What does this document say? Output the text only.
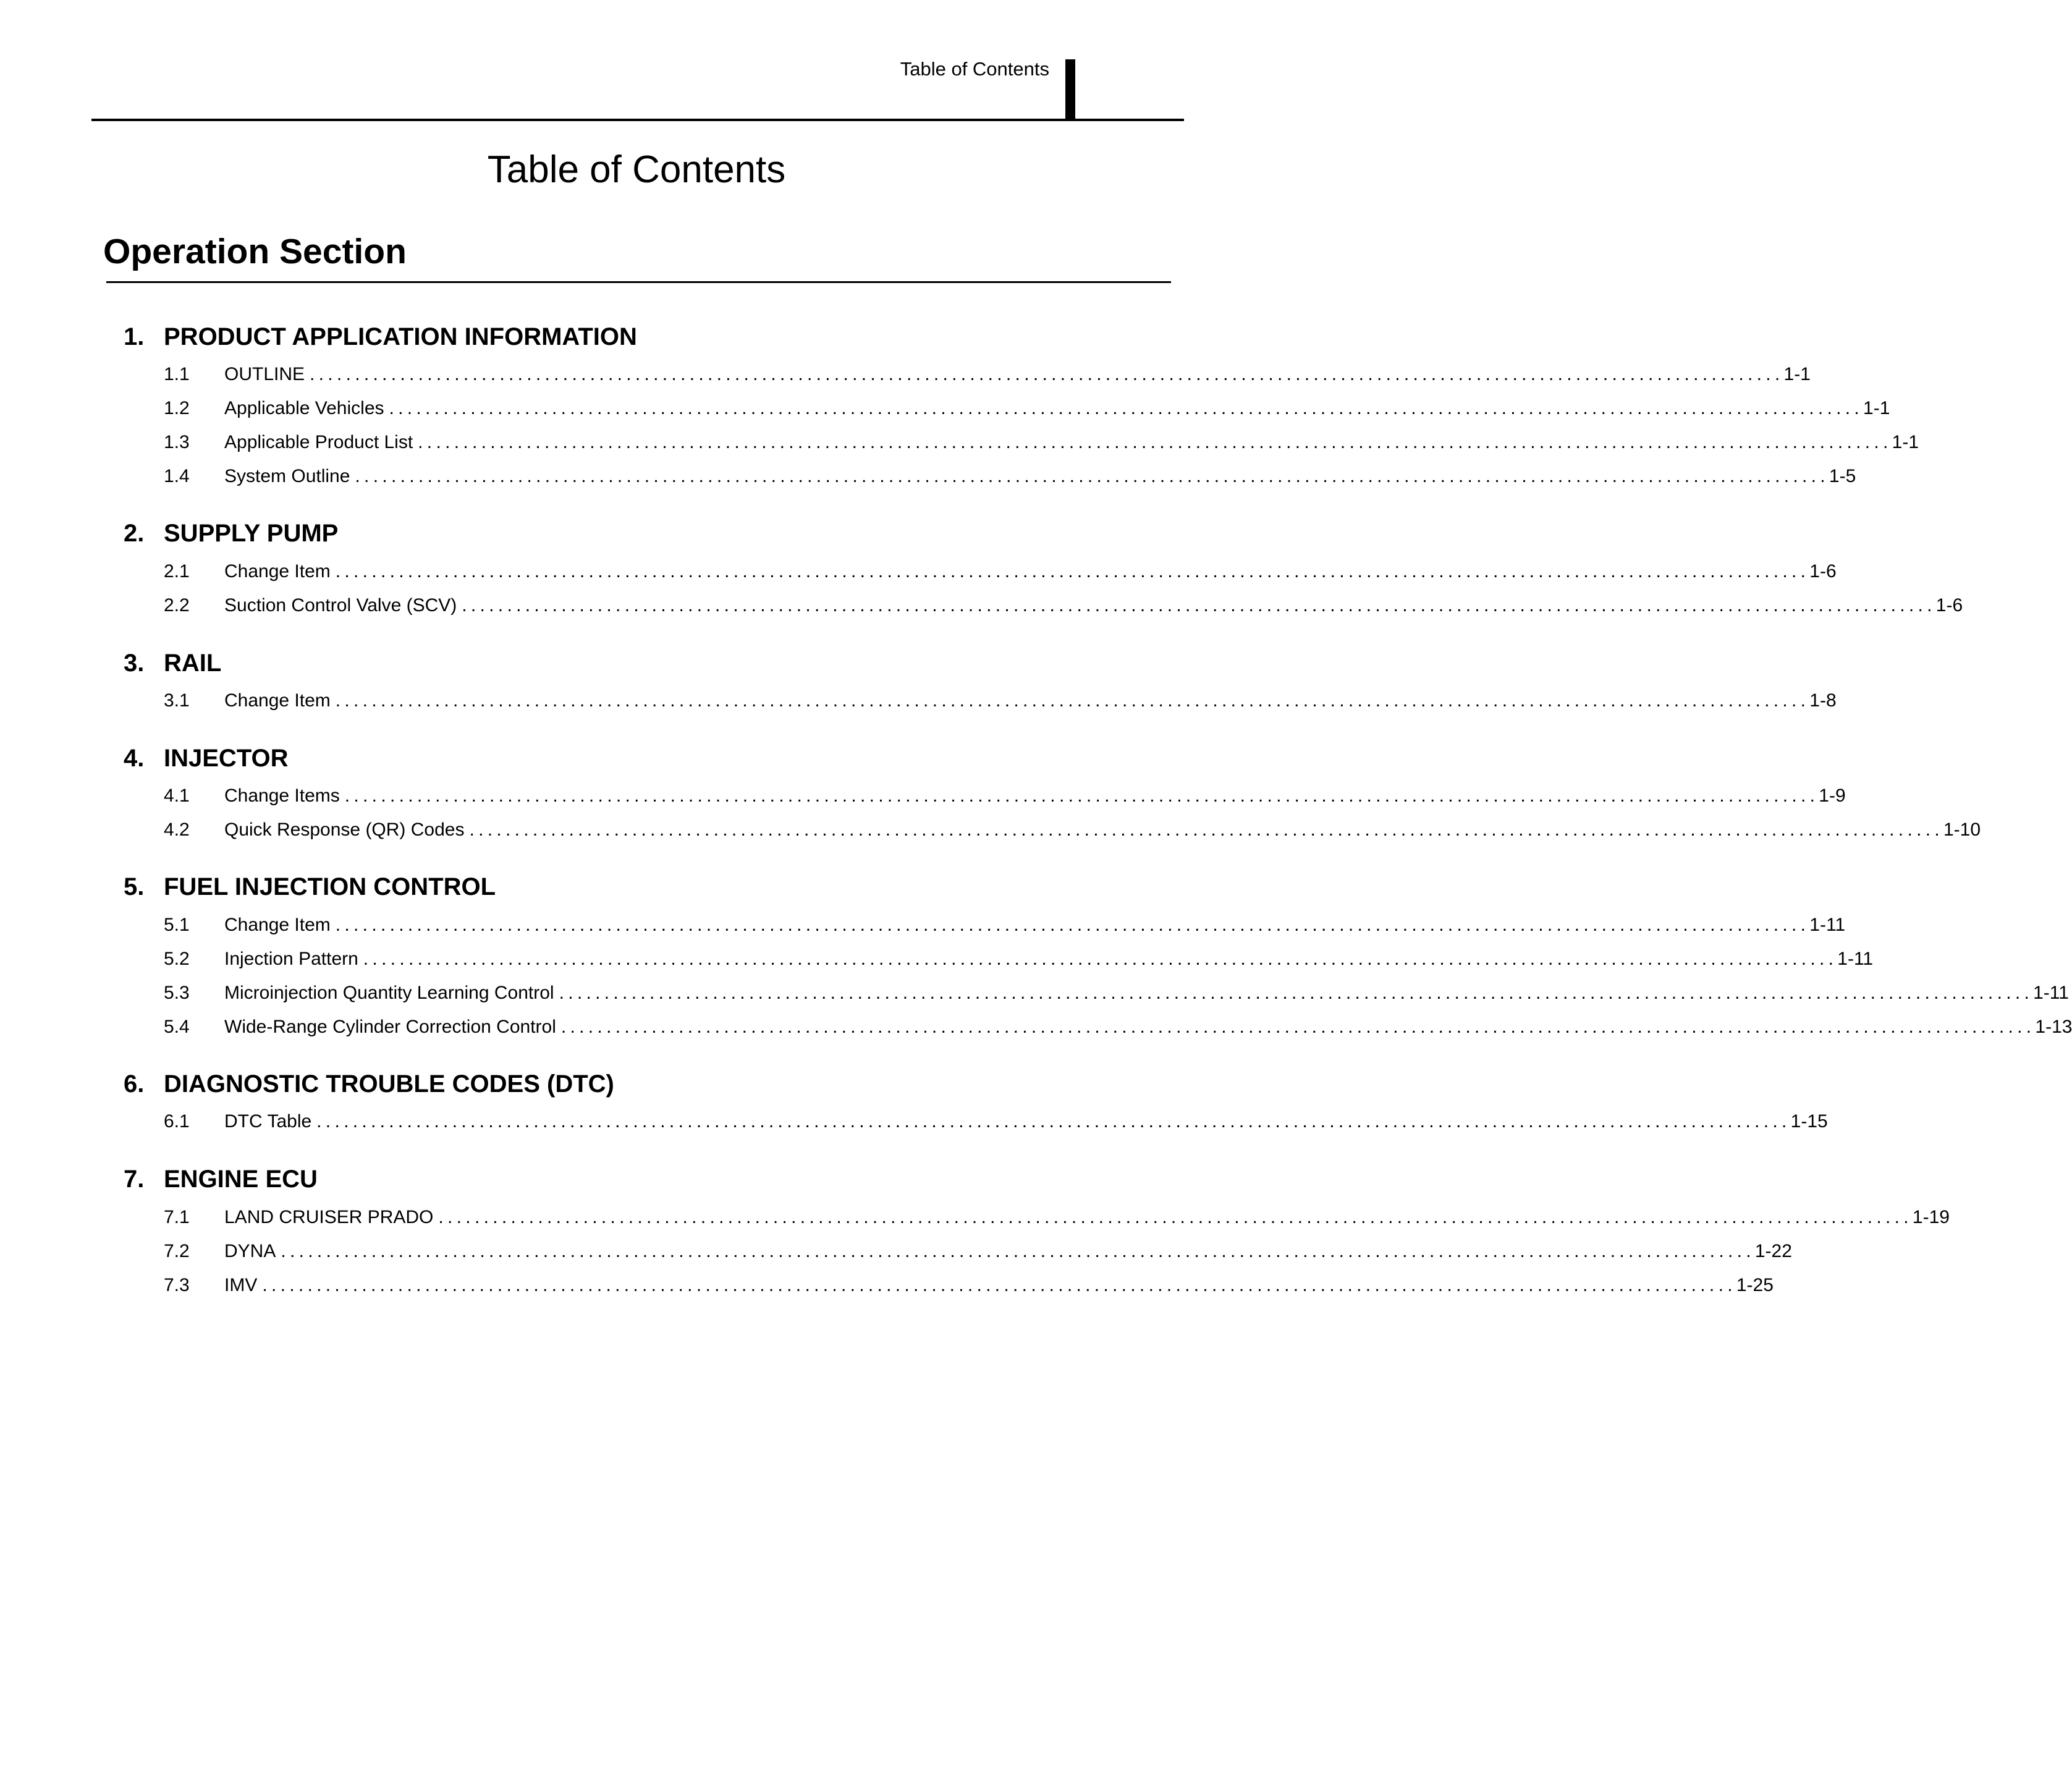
Table of Contents
Table of Contents
Operation Section
1. PRODUCT APPLICATION INFORMATION
1.1	OUTLINE ................................................................................................................................................................... 1-1
1.2	Applicable Vehicles ................................................................................................................................................................... 1-1
1.3	Applicable Product List ................................................................................................................................................................... 1-1
1.4	System Outline ................................................................................................................................................................... 1-5
2. SUPPLY PUMP
2.1	Change Item ................................................................................................................................................................... 1-6
2.2	Suction Control Valve (SCV) ................................................................................................................................................................... 1-6
3. RAIL
3.1	Change Item ................................................................................................................................................................... 1-8
4. INJECTOR
4.1	Change Items ................................................................................................................................................................... 1-9
4.2	Quick Response (QR) Codes ................................................................................................................................................................... 1-10
5. FUEL INJECTION CONTROL
5.1	Change Item ................................................................................................................................................................... 1-11
5.2	Injection Pattern ................................................................................................................................................................... 1-11
5.3	Microinjection Quantity Learning Control ................................................................................................................................................................... 1-11
5.4	Wide-Range Cylinder Correction Control ................................................................................................................................................................... 1-13
6. DIAGNOSTIC TROUBLE CODES (DTC)
6.1	DTC Table ................................................................................................................................................................... 1-15
7. ENGINE ECU
7.1	LAND CRUISER PRADO ................................................................................................................................................................... 1-19
7.2	DYNA ................................................................................................................................................................... 1-22
7.3	IMV ................................................................................................................................................................... 1-25
